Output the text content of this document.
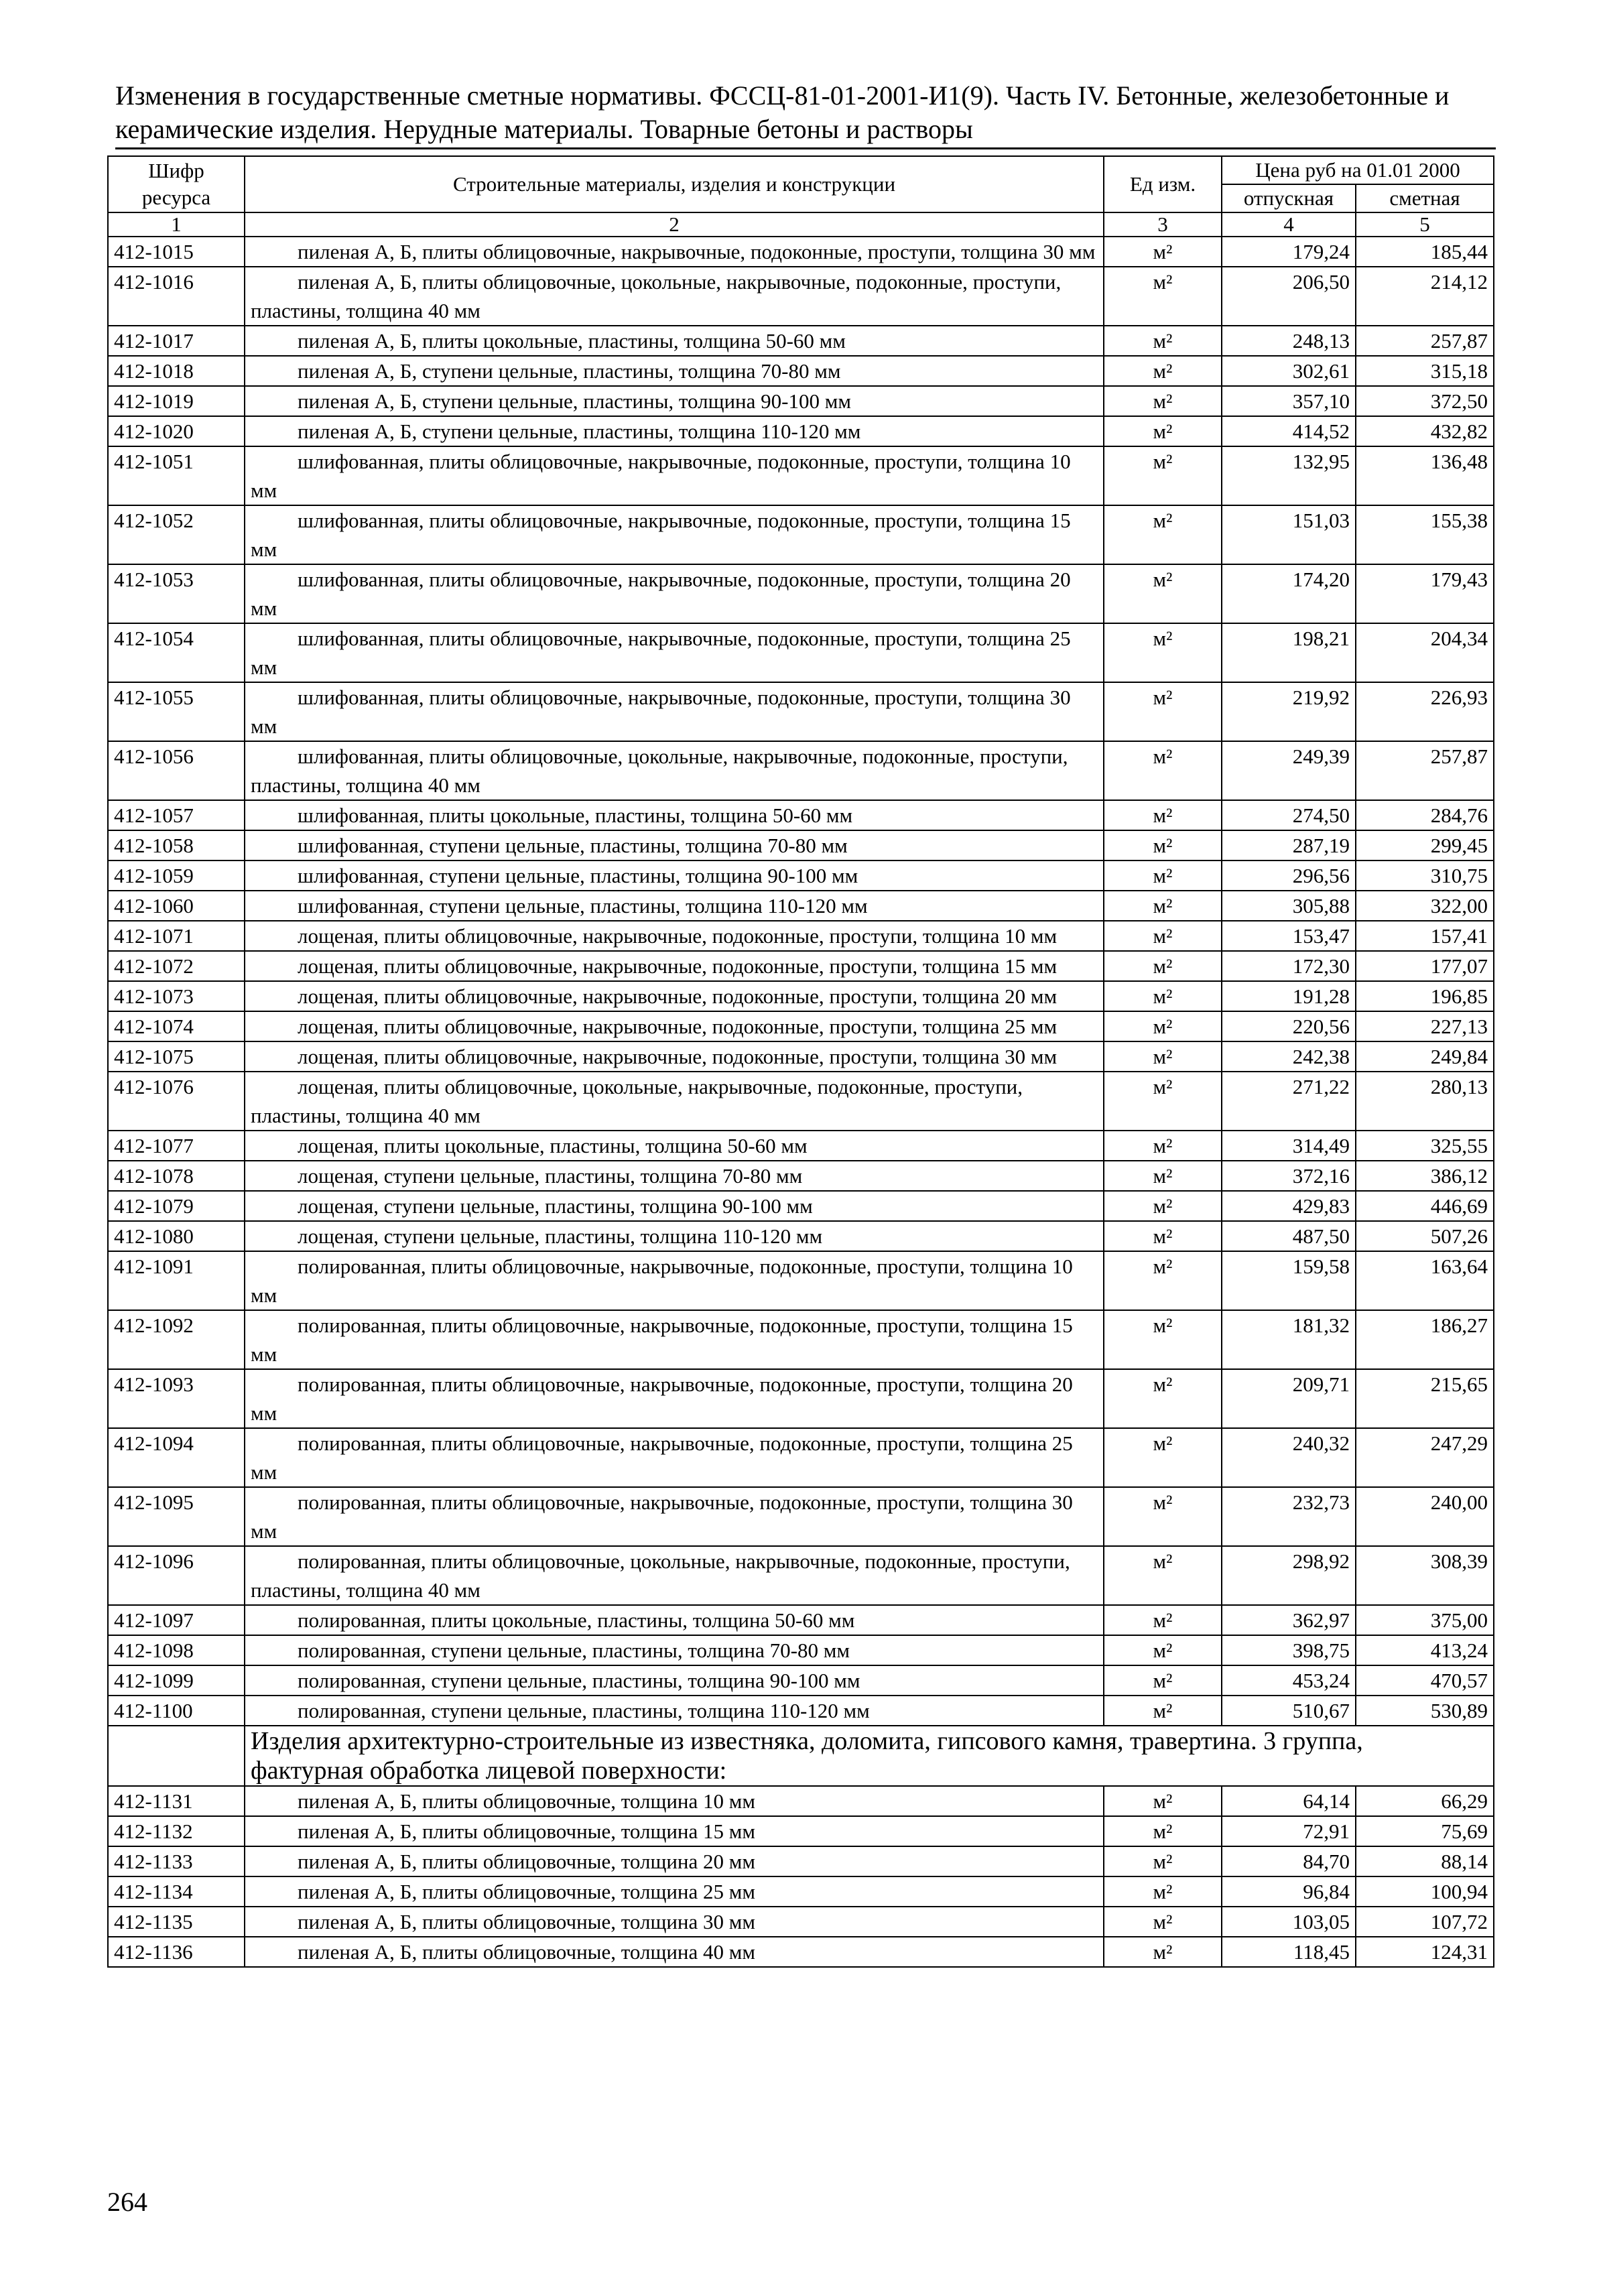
Изменения в государственные сметные нормативы. ФССЦ-81-01-2001-И1(9). Часть IV. Бетонные, железобетонные и керамические изделия. Нерудные материалы. Товарные бетоны и растворы
Шифр ресурса	Строительные материалы, изделия и конструкции	Ед изм.	Цена руб на 01.01 2000	
			отпускная	сметная
1	2	3	4	5
412-1015	пиленая А, Б, плиты облицовочные, накрывочные, подоконные, проступи, толщина 30 мм	м²	179,24	185,44
412-1016	пиленая А, Б, плиты облицовочные, цокольные, накрывочные, подоконные, проступи, пластины, толщина 40 мм	м²	206,50	214,12
412-1017	пиленая А, Б, плиты цокольные, пластины, толщина 50-60 мм	м²	248,13	257,87
412-1018	пиленая А, Б, ступени цельные, пластины, толщина 70-80 мм	м²	302,61	315,18
412-1019	пиленая А, Б, ступени цельные, пластины, толщина 90-100 мм	м²	357,10	372,50
412-1020	пиленая А, Б, ступени цельные, пластины, толщина 110-120 мм	м²	414,52	432,82
412-1051	шлифованная, плиты облицовочные, накрывочные, подоконные, проступи, толщина 10 мм	м²	132,95	136,48
412-1052	шлифованная, плиты облицовочные, накрывочные, подоконные, проступи, толщина 15 мм	м²	151,03	155,38
412-1053	шлифованная, плиты облицовочные, накрывочные, подоконные, проступи, толщина 20 мм	м²	174,20	179,43
412-1054	шлифованная, плиты облицовочные, накрывочные, подоконные, проступи, толщина 25 мм	м²	198,21	204,34
412-1055	шлифованная, плиты облицовочные, накрывочные, подоконные, проступи, толщина 30 мм	м²	219,92	226,93
412-1056	шлифованная, плиты облицовочные, цокольные, накрывочные, подоконные, проступи, пластины, толщина 40 мм	м²	249,39	257,87
412-1057	шлифованная, плиты цокольные, пластины, толщина 50-60 мм	м²	274,50	284,76
412-1058	шлифованная, ступени цельные, пластины, толщина 70-80 мм	м²	287,19	299,45
412-1059	шлифованная, ступени цельные, пластины, толщина 90-100 мм	м²	296,56	310,75
412-1060	шлифованная, ступени цельные, пластины, толщина 110-120 мм	м²	305,88	322,00
412-1071	лощеная, плиты облицовочные, накрывочные, подоконные, проступи, толщина 10 мм	м²	153,47	157,41
412-1072	лощеная, плиты облицовочные, накрывочные, подоконные, проступи, толщина 15 мм	м²	172,30	177,07
412-1073	лощеная, плиты облицовочные, накрывочные, подоконные, проступи, толщина 20 мм	м²	191,28	196,85
412-1074	лощеная, плиты облицовочные, накрывочные, подоконные, проступи, толщина 25 мм	м²	220,56	227,13
412-1075	лощеная, плиты облицовочные, накрывочные, подоконные, проступи, толщина 30 мм	м²	242,38	249,84
412-1076	лощеная, плиты облицовочные, цокольные, накрывочные, подоконные, проступи, пластины, толщина 40 мм	м²	271,22	280,13
412-1077	лощеная, плиты цокольные, пластины, толщина 50-60 мм	м²	314,49	325,55
412-1078	лощеная, ступени цельные, пластины, толщина 70-80 мм	м²	372,16	386,12
412-1079	лощеная, ступени цельные, пластины, толщина 90-100 мм	м²	429,83	446,69
412-1080	лощеная, ступени цельные, пластины, толщина 110-120 мм	м²	487,50	507,26
412-1091	полированная, плиты облицовочные, накрывочные, подоконные, проступи, толщина 10 мм	м²	159,58	163,64
412-1092	полированная, плиты облицовочные, накрывочные, подоконные, проступи, толщина 15 мм	м²	181,32	186,27
412-1093	полированная, плиты облицовочные, накрывочные, подоконные, проступи, толщина 20 мм	м²	209,71	215,65
412-1094	полированная, плиты облицовочные, накрывочные, подоконные, проступи, толщина 25 мм	м²	240,32	247,29
412-1095	полированная, плиты облицовочные, накрывочные, подоконные, проступи, толщина 30 мм	м²	232,73	240,00
412-1096	полированная, плиты облицовочные, цокольные, накрывочные, подоконные, проступи, пластины, толщина 40 мм	м²	298,92	308,39
412-1097	полированная, плиты цокольные, пластины, толщина 50-60 мм	м²	362,97	375,00
412-1098	полированная, ступени цельные, пластины, толщина 70-80 мм	м²	398,75	413,24
412-1099	полированная, ступени цельные, пластины, толщина 90-100 мм	м²	453,24	470,57
412-1100	полированная, ступени цельные, пластины, толщина 110-120 мм	м²	510,67	530,89

	Изделия архитектурно-строительные из известняка, доломита, гипсового камня, травертина. 3 группа,
фактурная обработка лицевой поверхности:			

412-1131	пиленая А, Б, плиты облицовочные, толщина 10 мм	м²	64,14	66,29
412-1132	пиленая А, Б, плиты облицовочные, толщина 15 мм	м²	72,91	75,69
412-1133	пиленая А, Б, плиты облицовочные, толщина 20 мм	м²	84,70	88,14
412-1134	пиленая А, Б, плиты облицовочные, толщина 25 мм	м²	96,84	100,94
412-1135	пиленая А, Б, плиты облицовочные, толщина 30 мм	м²	103,05	107,72
412-1136	пиленая А, Б, плиты облицовочные, толщина 40 мм	м²	118,45	124,31
264
